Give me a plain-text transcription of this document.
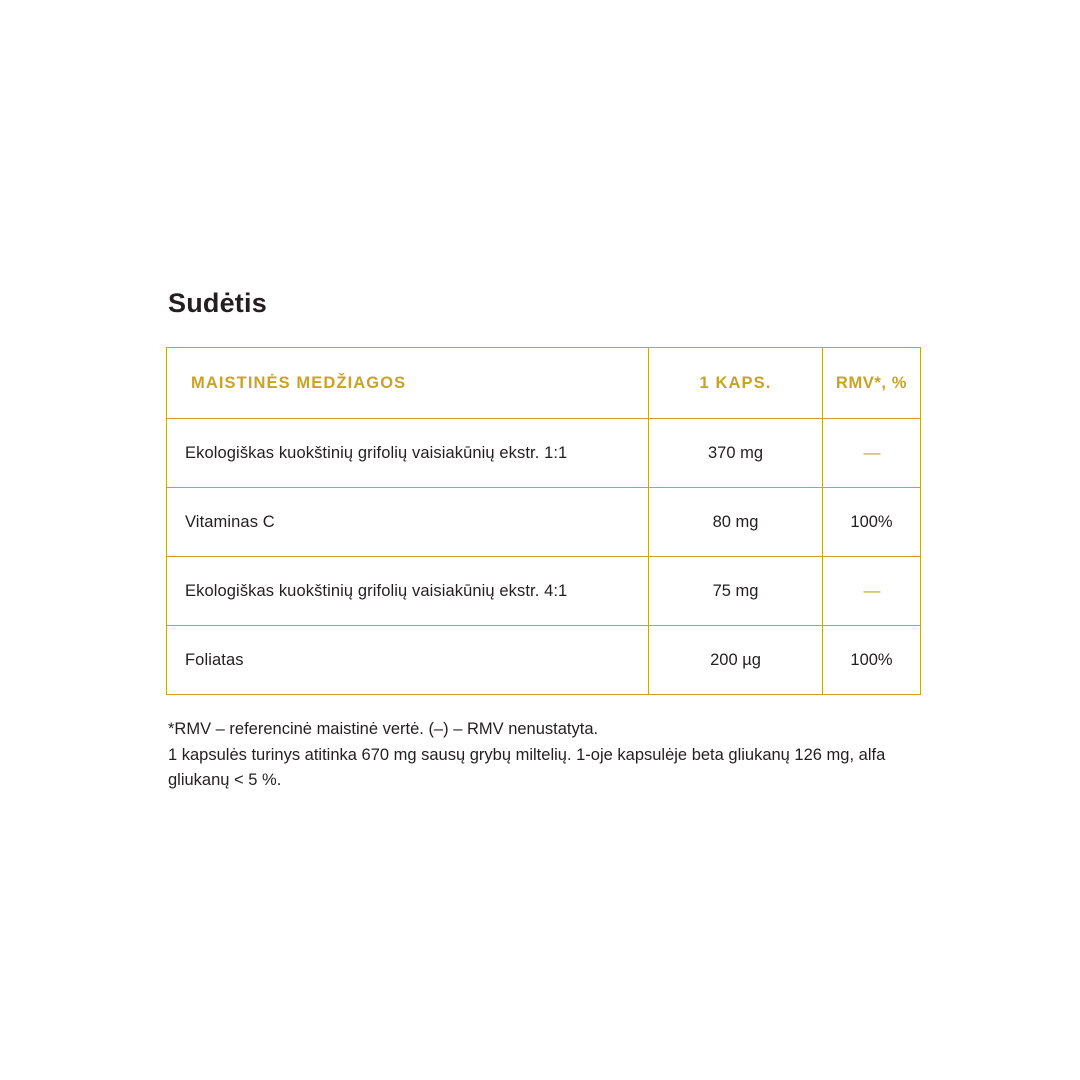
Sudėtis
MAISTINĖS MEDŽIAGOS	1 KAPS.	RMV*, %
Ekologiškas kuokštinių grifolių vaisiakūnių ekstr. 1:1	370 mg	—
Vitaminas C	80 mg	100%
Ekologiškas kuokštinių grifolių vaisiakūnių ekstr. 4:1	75 mg	—
Foliatas	200 µg	100%

*RMV – referencinė maistinė vertė. (–) – RMV nenustatyta.

1 kapsulės turinys atitinka 670 mg sausų grybų miltelių. 1-oje kapsulėje beta gliukanų 126 mg, alfa gliukanų < 5 %.
